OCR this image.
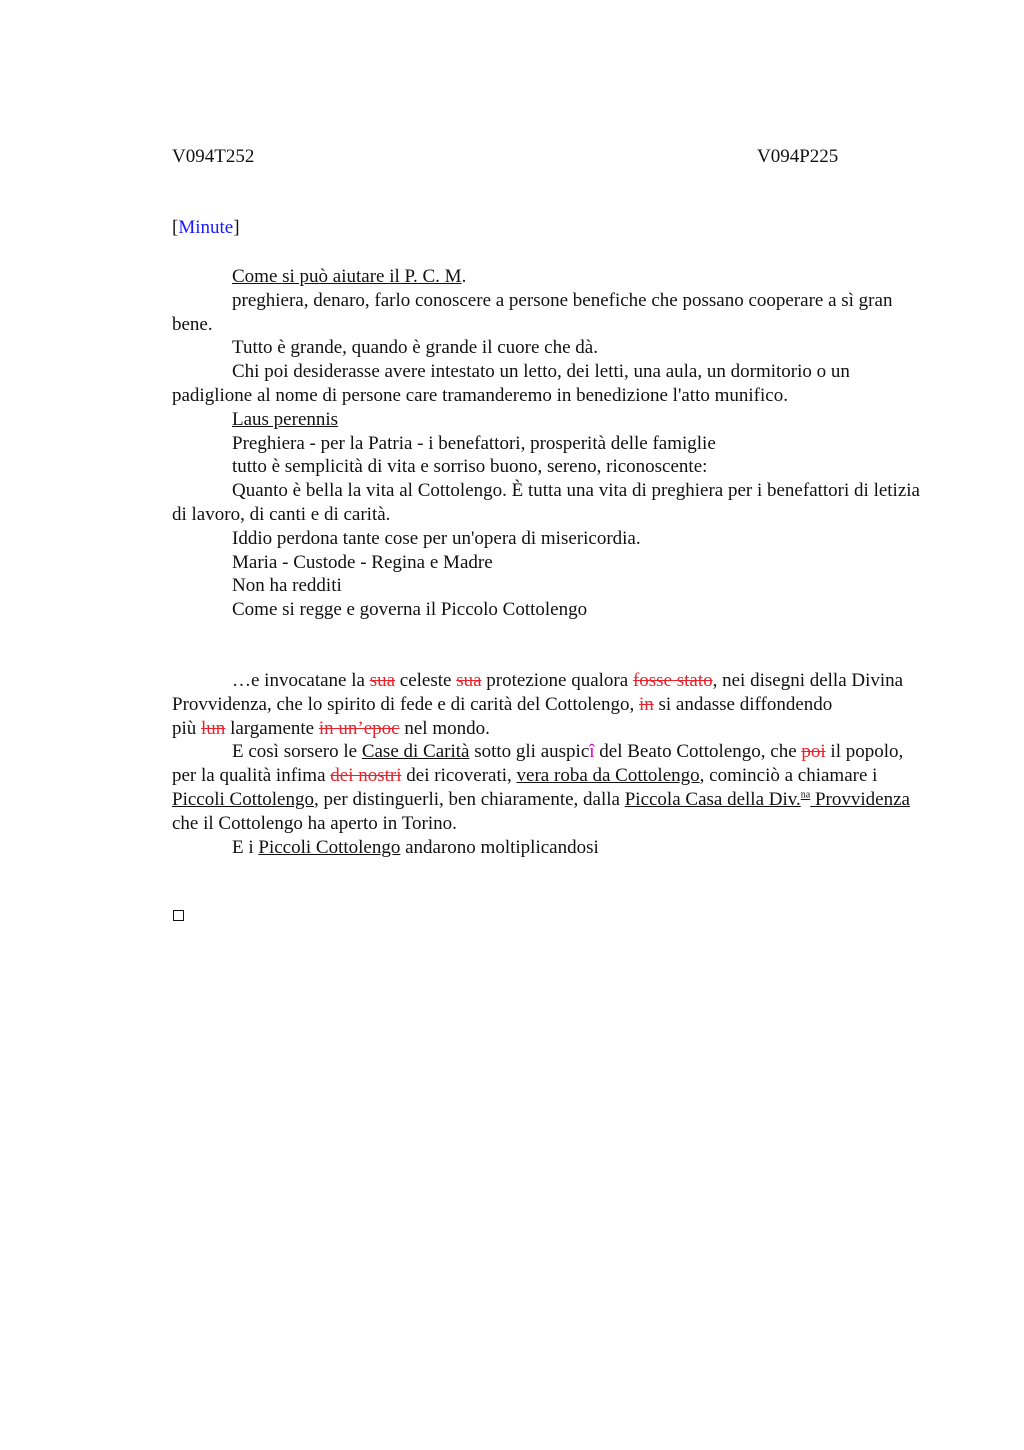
V094T252	V094P225
[Minute]

Come si può aiutare il P. C. M.

preghiera, denaro, farlo conoscere a persone benefiche che possano cooperare a sì gran bene.

Tutto è grande, quando è grande il cuore che dà.

Chi poi desiderasse avere intestato un letto, dei letti, una aula, un dormitorio o un padiglione al nome di persone care tramanderemo in benedizione l'atto munifico.

Laus perennis

Preghiera - per la Patria - i benefattori, prosperità delle famiglie

tutto è semplicità di vita e sorriso buono, sereno, riconoscente:

Quanto è bella la vita al Cottolengo. È tutta una vita di preghiera per i benefattori di letizia di lavoro, di canti e di carità.

Iddio perdona tante cose per un'opera di misericordia.

Maria - Custode - Regina e Madre

Non ha redditi

Come si regge e governa il Piccolo Cottolengo

…e invocatane la sua celeste sua protezione qualora fosse stato, nei disegni della Divina Provvidenza, che lo spirito di fede e di carità del Cottolengo, in si andasse diffondendo

più lun largamente in un’epoc nel mondo.

E così sorsero le Case di Carità sotto gli auspicî del Beato Cottolengo, che poi il popolo, per la qualità infima dei nostri dei ricoverati, vera roba da Cottolengo, cominciò a chiamare i Piccoli Cottolengo, per distinguerli, ben chiaramente, dalla Piccola Casa della Div.$^{na}$ Provvidenza che il Cottolengo ha aperto in Torino.

E i Piccoli Cottolengo andarono moltiplicandosi
